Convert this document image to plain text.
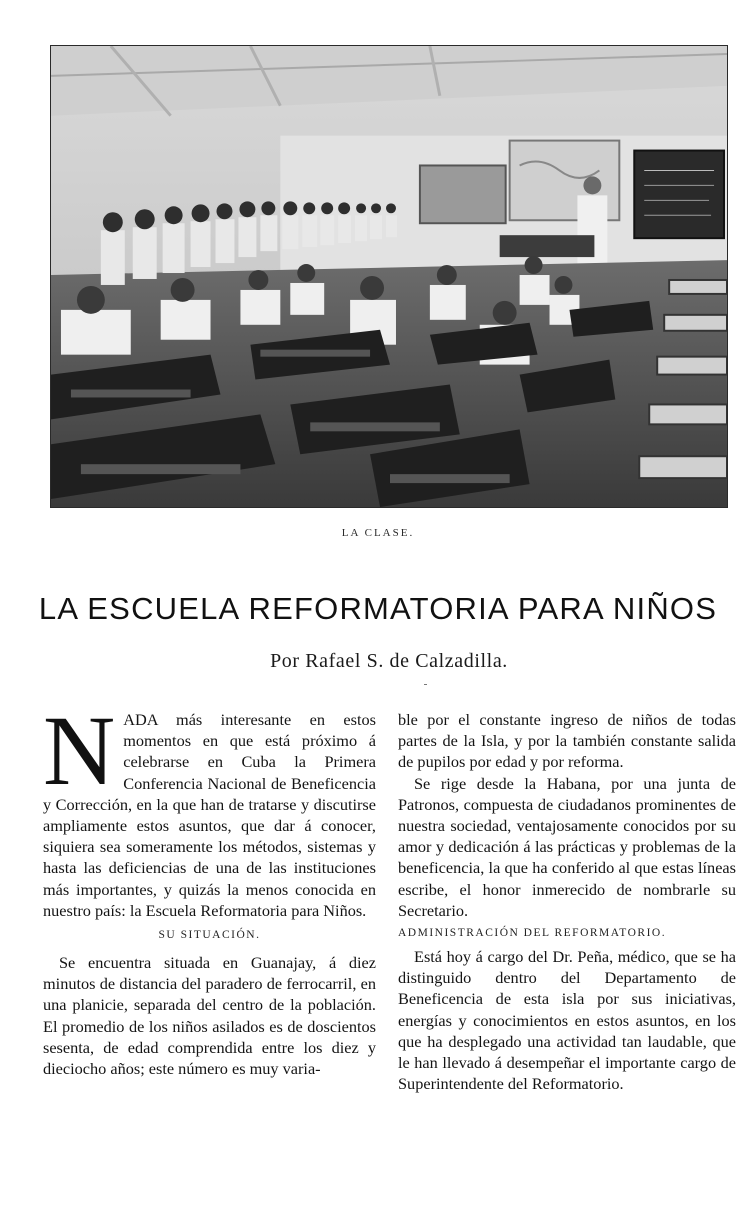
LA CLASE.
LA ESCUELA REFORMATORIA PARA NIÑOS
Por Rafael S. de Calzadilla.

NADA más interesante en estos momentos en que está próximo á celebrarse en Cuba la Primera Conferencia Nacional de Beneficencia y Corrección, en la que han de tratarse y discutirse ampliamente estos asuntos, que dar á conocer, siquiera sea someramente los métodos, sistemas y hasta las deficiencias de una de las instituciones más importantes, y quizás la menos conocida en nuestro país: la Escuela Reformatoria para Niños.

SU SITUACIÓN.

Se encuentra situada en Guanajay, á diez minutos de distancia del paradero de ferrocarril, en una planicie, separada del centro de la población. El promedio de los niños asilados es de doscientos sesenta, de edad comprendida entre los diez y dieciocho años; este número es muy varia-

ble por el constante ingreso de niños de todas partes de la Isla, y por la también constante salida de pupilos por edad y por reforma.

Se rige desde la Habana, por una junta de Patronos, compuesta de ciudadanos prominentes de nuestra sociedad, ventajosamente conocidos por su amor y dedicación á las prácticas y problemas de la beneficencia, la que ha conferido al que estas líneas escribe, el honor inmerecido de nombrarle su Secretario.

ADMINISTRACIÓN DEL REFORMATORIO.

Está hoy á cargo del Dr. Peña, médico, que se ha distinguido dentro del Departamento de Beneficencia de esta isla por sus iniciativas, energías y conocimientos en estos asuntos, en los que ha desplegado una actividad tan laudable, que le han llevado á desempeñar el importante cargo de Superintendente del Reformatorio.
